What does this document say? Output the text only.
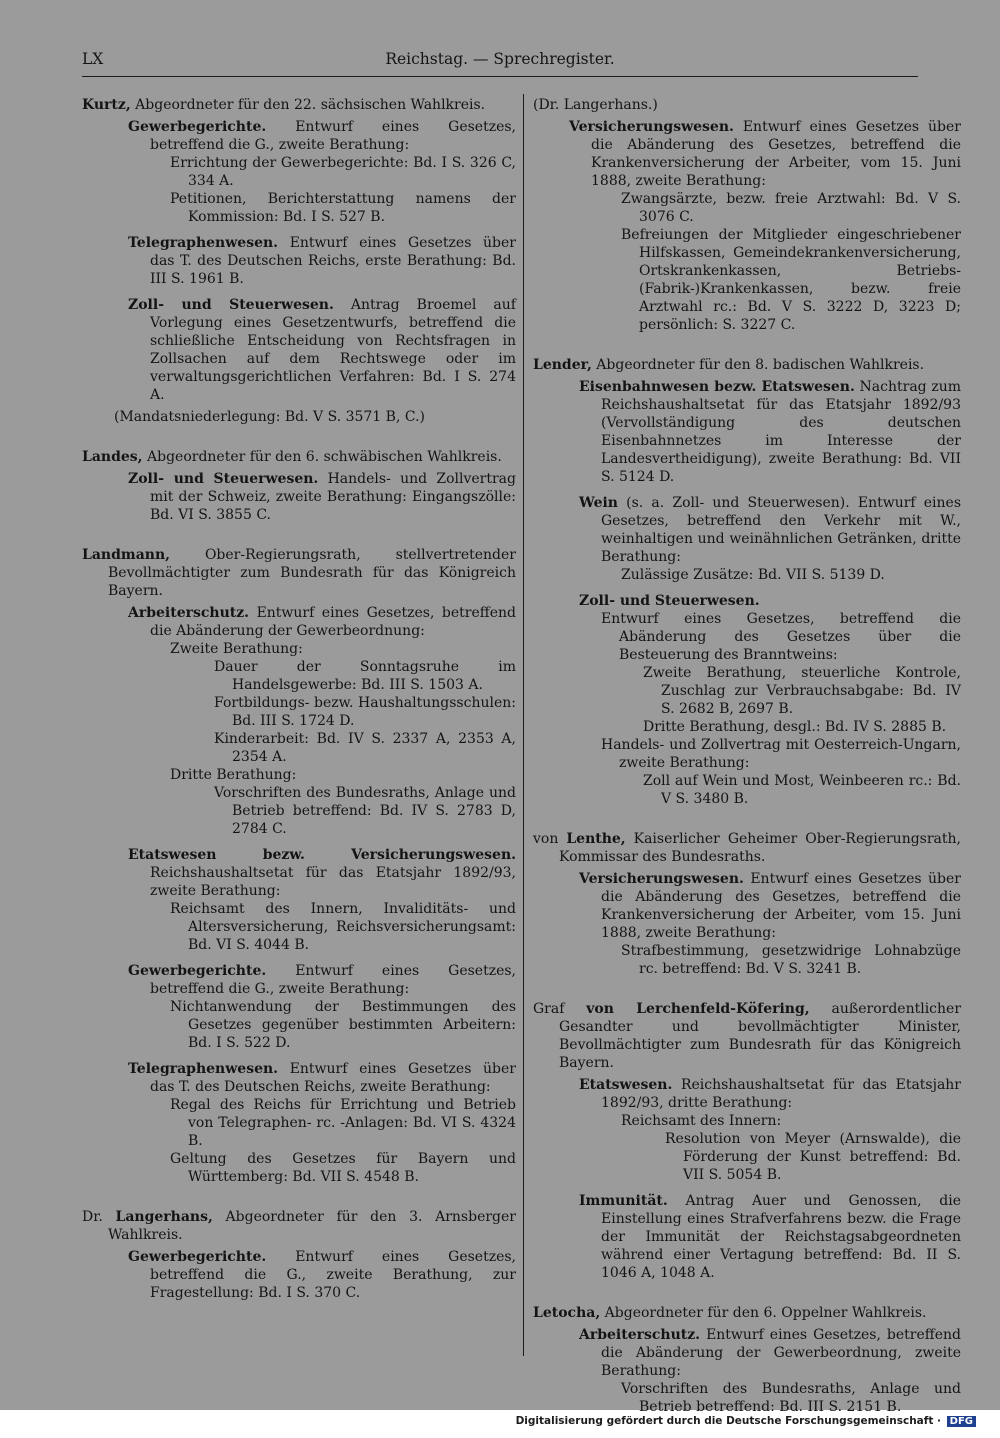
LX	Reichstag. — Sprechregister.
Kurtz, Abgeordneter für den 22. sächsischen Wahlkreis.
Gewerbegerichte. Entwurf eines Gesetzes, betreffend die G., zweite Berathung:
Errichtung der Gewerbegerichte: Bd. I S. 326 C, 334 A.
Petitionen, Berichterstattung namens der Kommission: Bd. I S. 527 B.
Telegraphenwesen. Entwurf eines Gesetzes über das T. des Deutschen Reichs, erste Berathung: Bd. III S. 1961 B.
Zoll- und Steuerwesen. Antrag Broemel auf Vorlegung eines Gesetzentwurfs, betreffend die schließliche Entscheidung von Rechtsfragen in Zollsachen auf dem Rechtswege oder im verwaltungsgerichtlichen Verfahren: Bd. I S. 274 A.
(Mandatsniederlegung: Bd. V S. 3571 B, C.)
Landes, Abgeordneter für den 6. schwäbischen Wahlkreis.
Zoll- und Steuerwesen. Handels- und Zollvertrag mit der Schweiz, zweite Berathung: Eingangszölle: Bd. VI S. 3855 C.
Landmann, Ober-Regierungsrath, stellvertretender Bevollmächtigter zum Bundesrath für das Königreich Bayern.
Arbeiterschutz. Entwurf eines Gesetzes, betreffend die Abänderung der Gewerbeordnung:
Zweite Berathung:
Dauer der Sonntagsruhe im Handelsgewerbe: Bd. III S. 1503 A.
Fortbildungs- bezw. Haushaltungsschulen: Bd. III S. 1724 D.
Kinderarbeit: Bd. IV S. 2337 A, 2353 A, 2354 A.
Dritte Berathung:
Vorschriften des Bundesraths, Anlage und Betrieb betreffend: Bd. IV S. 2783 D, 2784 C.
Etatswesen bezw. Versicherungswesen. Reichshaushaltsetat für das Etatsjahr 1892/93, zweite Berathung:
Reichsamt des Innern, Invaliditäts- und Altersversicherung, Reichsversicherungsamt: Bd. VI S. 4044 B.
Gewerbegerichte. Entwurf eines Gesetzes, betreffend die G., zweite Berathung:
Nichtanwendung der Bestimmungen des Gesetzes gegenüber bestimmten Arbeitern: Bd. I S. 522 D.
Telegraphenwesen. Entwurf eines Gesetzes über das T. des Deutschen Reichs, zweite Berathung:
Regal des Reichs für Errichtung und Betrieb von Telegraphen- rc. -Anlagen: Bd. VI S. 4324 B.
Geltung des Gesetzes für Bayern und Württemberg: Bd. VII S. 4548 B.
Dr. Langerhans, Abgeordneter für den 3. Arnsberger Wahlkreis.
Gewerbegerichte. Entwurf eines Gesetzes, betreffend die G., zweite Berathung, zur Fragestellung: Bd. I S. 370 C.
(Dr. Langerhans.)
Versicherungswesen. Entwurf eines Gesetzes über die Abänderung des Gesetzes, betreffend die Krankenversicherung der Arbeiter, vom 15. Juni 1888, zweite Berathung:
Zwangsärzte, bezw. freie Arztwahl: Bd. V S. 3076 C.
Befreiungen der Mitglieder eingeschriebener Hilfskassen, Gemeindekrankenversicherung, Ortskrankenkassen, Betriebs-(Fabrik-)Krankenkassen, bezw. freie Arztwahl rc.: Bd. V S. 3222 D, 3223 D; persönlich: S. 3227 C.
Lender, Abgeordneter für den 8. badischen Wahlkreis.
Eisenbahnwesen bezw. Etatswesen. Nachtrag zum Reichshaushaltsetat für das Etatsjahr 1892/93 (Vervollständigung des deutschen Eisenbahnnetzes im Interesse der Landesvertheidigung), zweite Berathung: Bd. VII S. 5124 D.
Wein (s. a. Zoll- und Steuerwesen). Entwurf eines Gesetzes, betreffend den Verkehr mit W., weinhaltigen und weinähnlichen Getränken, dritte Berathung:
Zulässige Zusätze: Bd. VII S. 5139 D.
Zoll- und Steuerwesen.
Entwurf eines Gesetzes, betreffend die Abänderung des Gesetzes über die Besteuerung des Branntweins:
Zweite Berathung, steuerliche Kontrole, Zuschlag zur Verbrauchsabgabe: Bd. IV S. 2682 B, 2697 B.
Dritte Berathung, desgl.: Bd. IV S. 2885 B.
Handels- und Zollvertrag mit Oesterreich-Ungarn, zweite Berathung:
Zoll auf Wein und Most, Weinbeeren rc.: Bd. V S. 3480 B.
von Lenthe, Kaiserlicher Geheimer Ober-Regierungsrath, Kommissar des Bundesraths.
Versicherungswesen. Entwurf eines Gesetzes über die Abänderung des Gesetzes, betreffend die Krankenversicherung der Arbeiter, vom 15. Juni 1888, zweite Berathung:
Strafbestimmung, gesetzwidrige Lohnabzüge rc. betreffend: Bd. V S. 3241 B.
Graf von Lerchenfeld-Köfering, außerordentlicher Gesandter und bevollmächtigter Minister, Bevollmächtigter zum Bundesrath für das Königreich Bayern.
Etatswesen. Reichshaushaltsetat für das Etatsjahr 1892/93, dritte Berathung:
Reichsamt des Innern:
Resolution von Meyer (Arnswalde), die Förderung der Kunst betreffend: Bd. VII S. 5054 B.
Immunität. Antrag Auer und Genossen, die Einstellung eines Strafverfahrens bezw. die Frage der Immunität der Reichstagsabgeordneten während einer Vertagung betreffend: Bd. II S. 1046 A, 1048 A.
Letocha, Abgeordneter für den 6. Oppelner Wahlkreis.
Arbeiterschutz. Entwurf eines Gesetzes, betreffend die Abänderung der Gewerbeordnung, zweite Berathung:
Vorschriften des Bundesraths, Anlage und Betrieb betreffend: Bd. III S. 2151 B.
Digitalisierung gefördert durch die Deutsche Forschungsgemeinschaft · DFG
